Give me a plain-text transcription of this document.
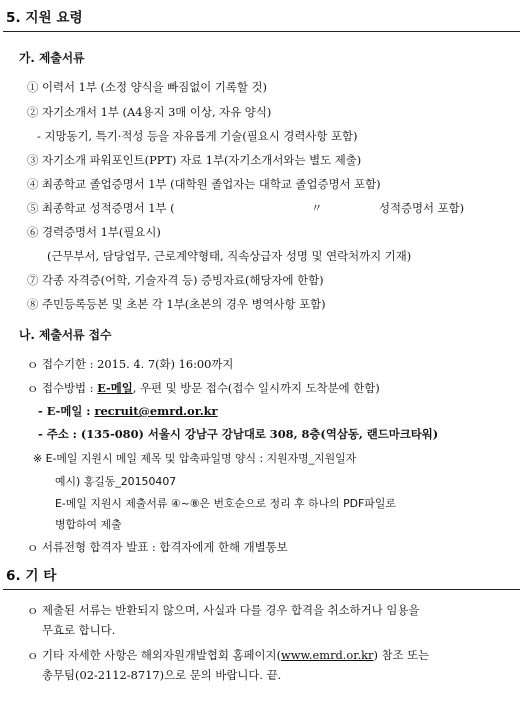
5. 지원 요령
가. 제출서류
① 이력서 1부 (소정 양식을 빠짐없이 기록할 것)
② 자기소개서 1부 (A4용지 3매 이상, 자유 양식)
- 지망동기, 특기·적성 등을 자유롭게 기술(필요시 경력사항 포함)
③ 자기소개 파워포인트(PPT) 자료 1부(자기소개서와는 별도 제출)
④ 최종학교 졸업증명서 1부 (대학원 졸업자는 대학교 졸업증명서 포함)
⑤ 최종학교 성적증명서 1부 (	〃	성적증명서 포함)
⑥ 경력증명서 1부(필요시)
(근무부서, 담당업무, 근로계약형태, 직속상급자 성명 및 연락처까지 기재)
⑦ 각종 자격증(어학, 기술자격 등) 증빙자료(해당자에 한함)
⑧ 주민등록등본 및 초본 각 1부(초본의 경우 병역사항 포함)
나. 제출서류 접수
ｏ 접수기한 : 2015. 4. 7(화) 16:00까지
ｏ 접수방법 : E-메일, 우편 및 방문 접수(접수 일시까지 도착분에 한함)
- E-메일 : recruit@emrd.or.kr
- 주소 : (135-080) 서울시 강남구 강남대로 308, 8층(역삼동, 랜드마크타워)
※ E-메일 지원시 메일 제목 및 압축파일명 양식 : 지원자명_지원일자
예시) 홍길동_20150407
E-메일 지원시 제출서류 ④~⑧은 번호순으로 정리 후 하나의 PDF파일로
병합하여 제출
ｏ 서류전형 합격자 발표 : 합격자에게 한해 개별통보
6. 기 타
ｏ 제출된 서류는 반환되지 않으며, 사실과 다를 경우 합격을 취소하거나 임용을
무효로 합니다.
ｏ 기타 자세한 사항은 해외자원개발협회 홈페이지(www.emrd.or.kr) 참조 또는
총무팀(02-2112-8717)으로 문의 바랍니다. 끝.
